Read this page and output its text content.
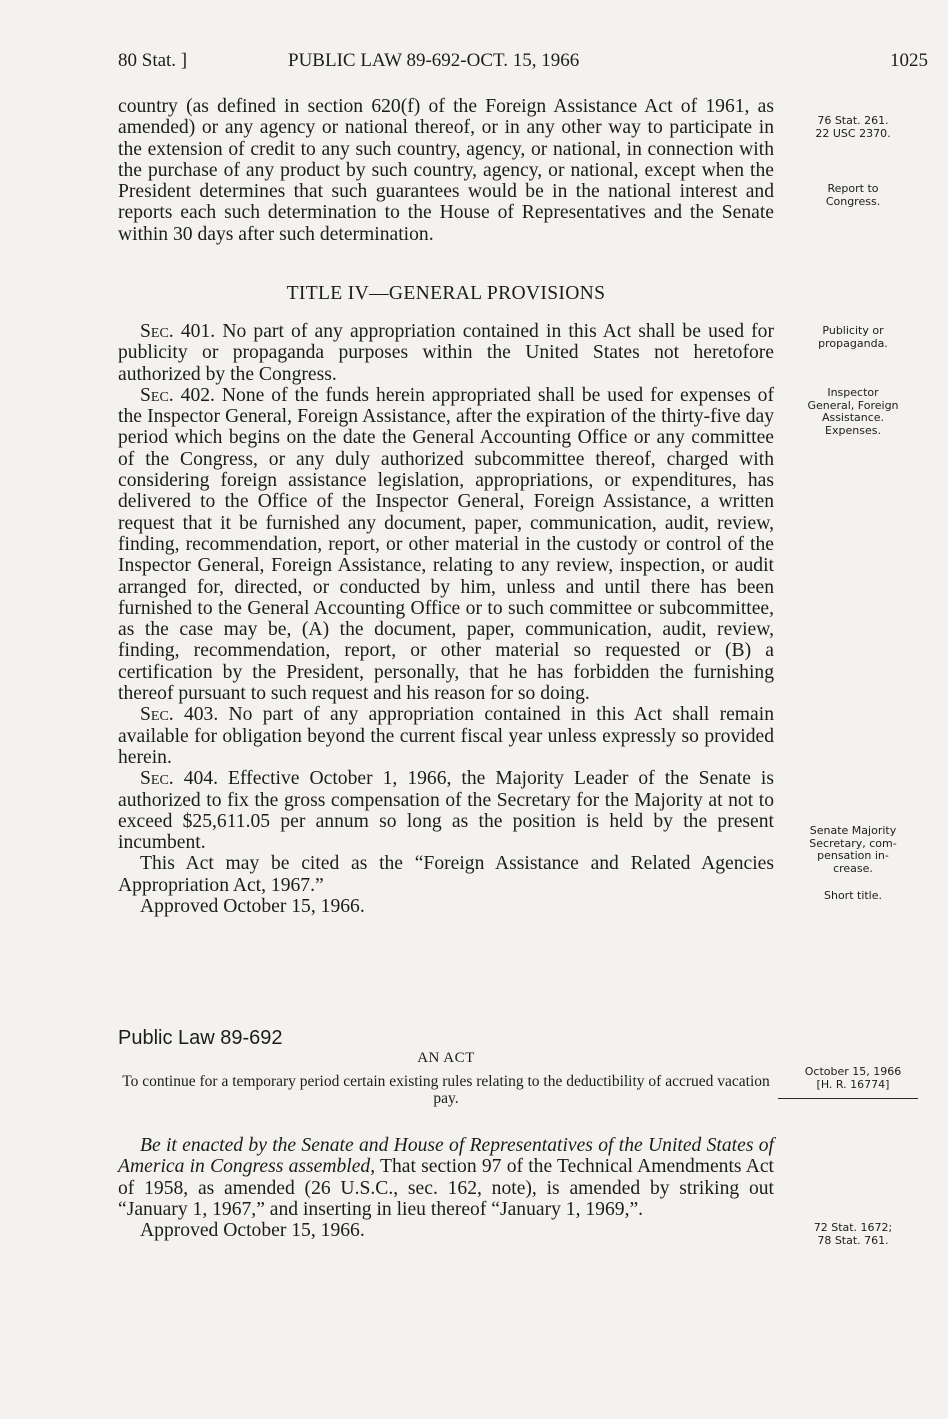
80 Stat. ]	PUBLIC LAW 89-692-OCT. 15, 1966	1025

country (as defined in section 620(f) of the Foreign Assistance Act of 1961, as amended) or any agency or national thereof, or in any other way to participate in the extension of credit to any such country, agency, or national, in connection with the purchase of any product by such country, agency, or national, except when the President determines that such guarantees would be in the national interest and reports each such determination to the House of Representatives and the Senate within 30 days after such determination.

TITLE IV—GENERAL PROVISIONS

Sec. 401. No part of any appropriation contained in this Act shall be used for publicity or propaganda purposes within the United States not heretofore authorized by the Congress.

Sec. 402. None of the funds herein appropriated shall be used for expenses of the Inspector General, Foreign Assistance, after the expiration of the thirty-five day period which begins on the date the General Accounting Office or any committee of the Congress, or any duly authorized subcommittee thereof, charged with considering foreign assistance legislation, appropriations, or expenditures, has delivered to the Office of the Inspector General, Foreign Assistance, a written request that it be furnished any document, paper, communication, audit, review, finding, recommendation, report, or other material in the custody or control of the Inspector General, Foreign Assistance, relating to any review, inspection, or audit arranged for, directed, or conducted by him, unless and until there has been furnished to the General Accounting Office or to such committee or subcommittee, as the case may be, (A) the document, paper, communication, audit, review, finding, recommendation, report, or other material so requested or (B) a certification by the President, personally, that he has forbidden the furnishing thereof pursuant to such request and his reason for so doing.

Sec. 403. No part of any appropriation contained in this Act shall remain available for obligation beyond the current fiscal year unless expressly so provided herein.

Sec. 404. Effective October 1, 1966, the Majority Leader of the Senate is authorized to fix the gross compensation of the Secretary for the Majority at not to exceed $25,611.05 per annum so long as the position is held by the present incumbent.

This Act may be cited as the “Foreign Assistance and Related Agencies Appropriation Act, 1967.”

Approved October 15, 1966.

76 Stat. 261.
22 USC 2370.
Report to
Congress.
Publicity or
propaganda.
Inspector
General, Foreign
Assistance.
Expenses.
Senate Majority
Secretary, com-
pensation in-
crease.
Short title.
Public Law 89-692
AN ACT
To continue for a temporary period certain existing rules relating to the deductibility of accrued vacation pay.
October 15, 1966
[H. R. 16774]

Be it enacted by the Senate and House of Representatives of the United States of America in Congress assembled, That section 97 of the Technical Amendments Act of 1958, as amended (26 U.S.C., sec. 162, note), is amended by striking out “January 1, 1967,” and inserting in lieu thereof “January 1, 1969,”.

Approved October 15, 1966.	72 Stat. 1672;
78 Stat. 761.
